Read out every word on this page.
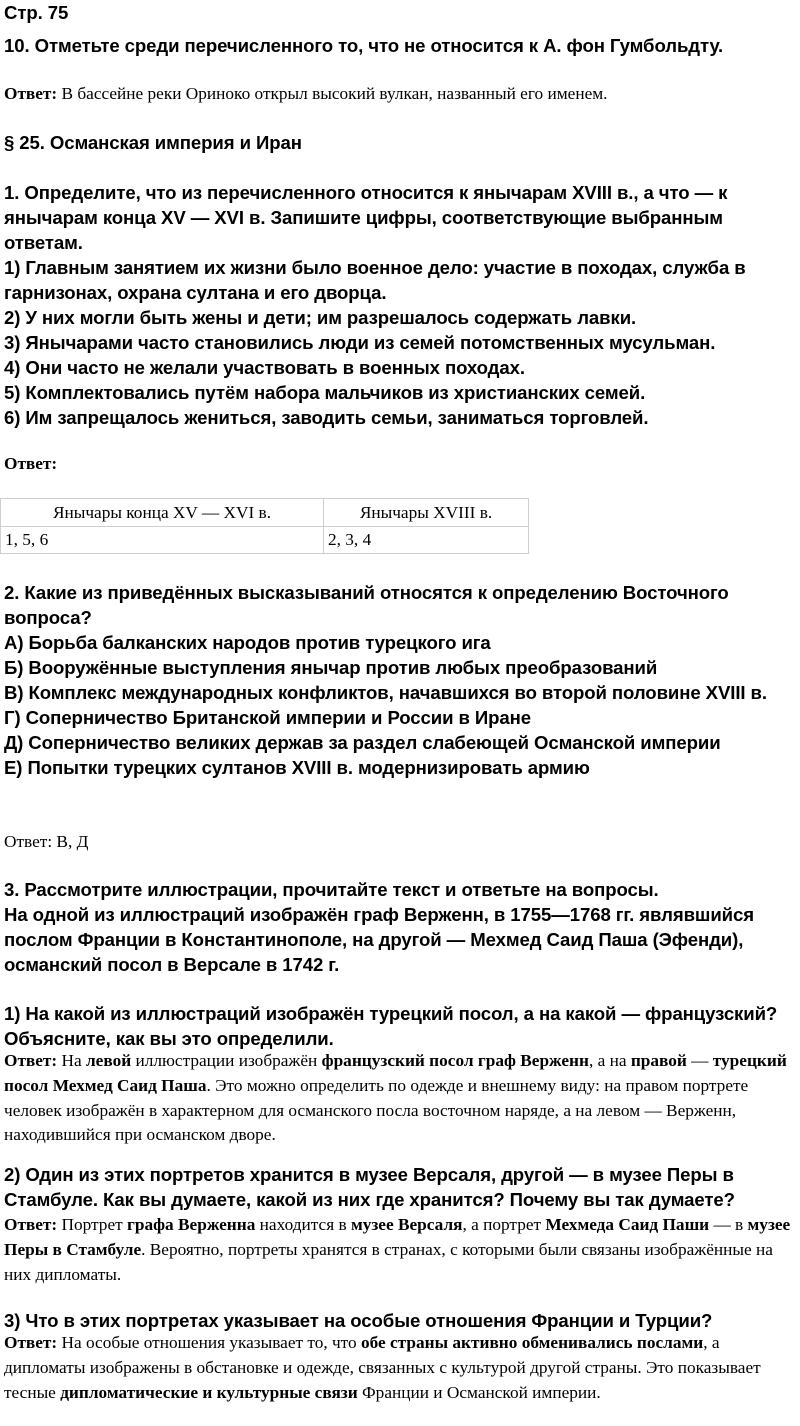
Стр. 75
10. Отметьте среди перечисленного то, что не относится к А. фон Гумбольдту.
Ответ: В бассейне реки Ориноко открыл высокий вулкан, названный его именем.
§ 25. Османская империя и Иран

1. Определите, что из перечисленного относится к янычарам XVIII в., а что — к янычарам конца XV — XVI в. Запишите цифры, соответствующие выбранным ответам.

1) Главным занятием их жизни было военное дело: участие в походах, служба в гарнизонах, охрана султана и его дворца.

2) У них могли быть жены и дети; им разрешалось содержать лавки.

3) Янычарами часто становились люди из семей потомственных мусульман.

4) Они часто не желали участвовать в военных походах.

5) Комплектовались путём набора мальчиков из христианских семей.

6) Им запрещалось жениться, заводить семьи, заниматься торговлей.

Ответ:
Янычары конца XV — XVI в.	Янычары XVIII в.
1, 5, 6	2, 3, 4

2. Какие из приведённых высказываний относятся к определению Восточного вопроса?

А) Борьба балканских народов против турецкого ига

Б) Вооружённые выступления янычар против любых преобразований

В) Комплекс международных конфликтов, начавшихся во второй половине XVIII в.

Г) Соперничество Британской империи и России в Иране

Д) Соперничество великих держав за раздел слабеющей Османской империи

Е) Попытки турецких султанов XVIII в. модернизировать армию

Ответ: В, Д

3. Рассмотрите иллюстрации, прочитайте текст и ответьте на вопросы.

На одной из иллюстраций изображён граф Верженн, в 1755—1768 гг. являвшийся послом Франции в Константинополе, на другой — Мехмед Саид Паша (Эфенди), османский посол в Версале в 1742 г.

1) На какой из иллюстраций изображён турецкий посол, а на какой — французский? Объясните, как вы это определили.
Ответ: На левой иллюстрации изображён французский посол граф Верженн, а на правой — турецкий посол Мехмед Саид Паша. Это можно определить по одежде и внешнему виду: на правом портрете человек изображён в характерном для османского посла восточном наряде, а на левом — Верженн, находившийся при османском дворе.
2) Один из этих портретов хранится в музее Версаля, другой — в музее Перы в Стамбуле. Как вы думаете, какой из них где хранится? Почему вы так думаете?
Ответ: Портрет графа Верженна находится в музее Версаля, а портрет Мехмеда Саид Паши — в музее Перы в Стамбуле. Вероятно, портреты хранятся в странах, с которыми были связаны изображённые на них дипломаты.
3) Что в этих портретах указывает на особые отношения Франции и Турции?
Ответ: На особые отношения указывает то, что обе страны активно обменивались послами, а дипломаты изображены в обстановке и одежде, связанных с культурой другой страны. Это показывает тесные дипломатические и культурные связи Франции и Османской империи.
